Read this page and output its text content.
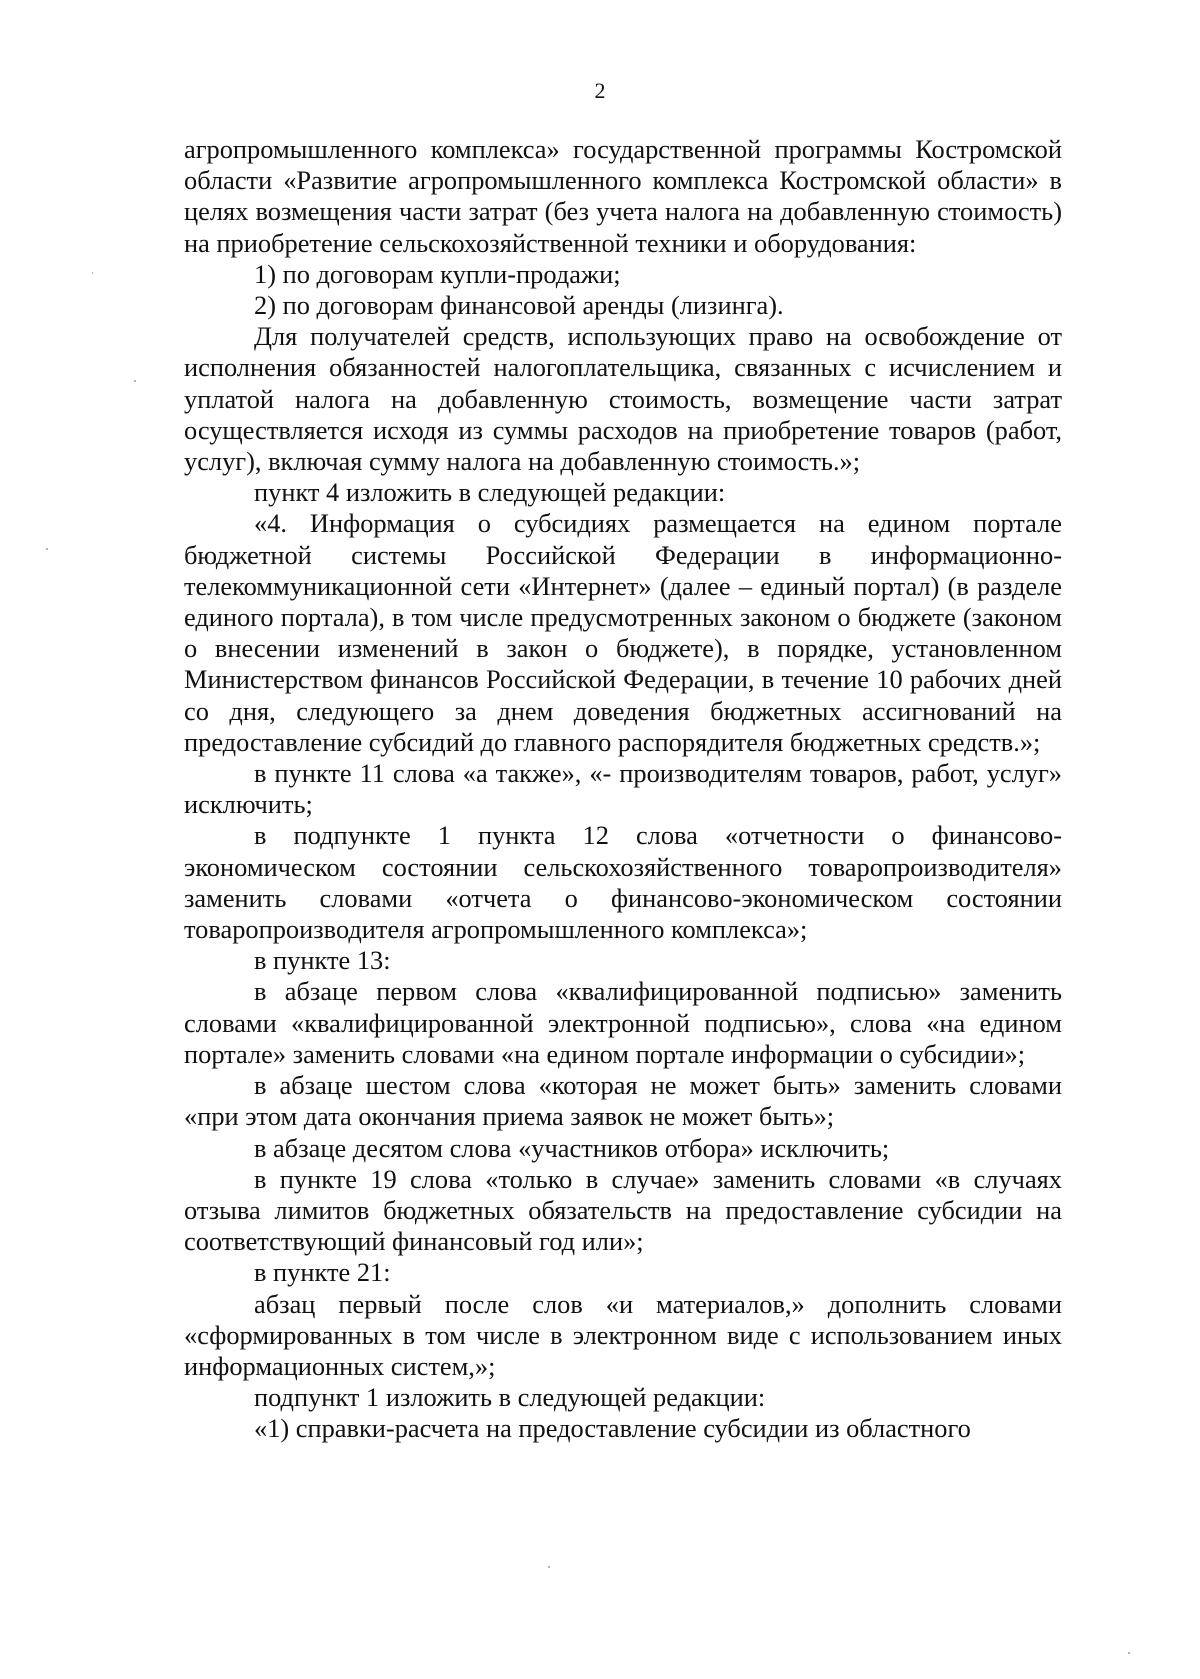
2

агропромышленного комплекса» государственной программы Костромской области «Развитие агропромышленного комплекса Костромской области» в целях возмещения части затрат (без учета налога на добавленную стоимость) на приобретение сельскохозяйственной техники и оборудования:

1) по договорам купли-продажи;

2) по договорам финансовой аренды (лизинга).

Для получателей средств, использующих право на освобождение от исполнения обязанностей налогоплательщика, связанных с исчислением и уплатой налога на добавленную стоимость, возмещение части затрат осуществляется исходя из суммы расходов на приобретение товаров (работ, услуг), включая сумму налога на добавленную стоимость.»;

пункт 4 изложить в следующей редакции:

«4. Информация о субсидиях размещается на едином портале бюджетной системы Российской Федерации в информационно-телекоммуникационной сети «Интернет» (далее – единый портал) (в разделе единого портала), в том числе предусмотренных законом о бюджете (законом о внесении изменений в закон о бюджете), в порядке, установленном Министерством финансов Российской Федерации, в течение 10 рабочих дней со дня, следующего за днем доведения бюджетных ассигнований на предоставление субсидий до главного распорядителя бюджетных средств.»;

в пункте 11 слова «а также», «- производителям товаров, работ, услуг» исключить;

в подпункте 1 пункта 12 слова «отчетности о финансово-экономическом состоянии сельскохозяйственного товаропроизводителя» заменить словами «отчета о финансово-экономическом состоянии товаропроизводителя агропромышленного комплекса»;

в пункте 13:

в абзаце первом слова «квалифицированной подписью» заменить словами «квалифицированной электронной подписью», слова «на едином портале» заменить словами «на едином портале информации о субсидии»;

в абзаце шестом слова «которая не может быть» заменить словами «при этом дата окончания приема заявок не может быть»;

в абзаце десятом слова «участников отбора» исключить;

в пункте 19 слова «только в случае» заменить словами «в случаях отзыва лимитов бюджетных обязательств на предоставление субсидии на соответствующий финансовый год или»;

в пункте 21:

абзац первый после слов «и материалов,» дополнить словами «сформированных в том числе в электронном виде с использованием иных информационных систем,»;

подпункт 1 изложить в следующей редакции:

«1) справки-расчета на предоставление субсидии из областного
